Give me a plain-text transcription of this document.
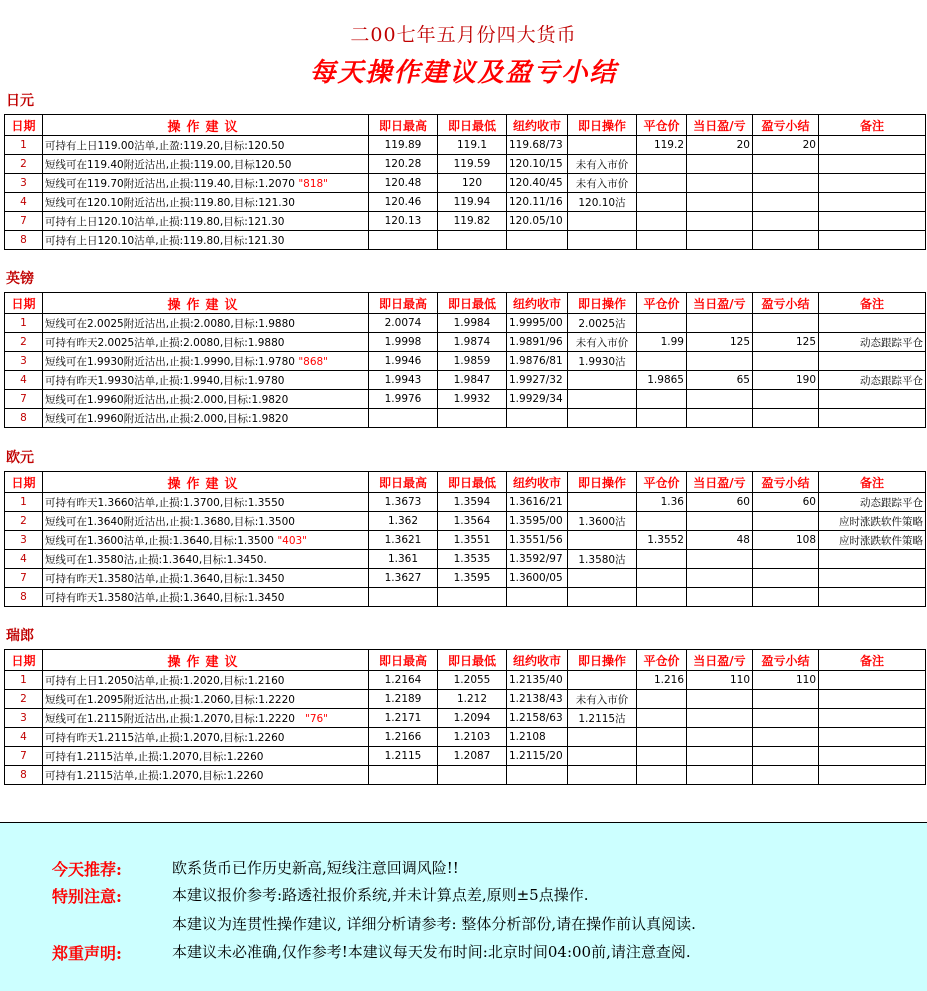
二00七年五月份四大货币
每天操作建议及盈亏小结
日元
日期	操作建议	即日最高	即日最低	纽约收市	即日操作	平仓价	当日盈/亏	盈亏小结	备注
1	可持有上日119.00沽单,止盈:119.20,目标:120.50	119.89	119.1	119.68/73		119.2	20	20	
2	短线可在119.40附近沽出,止损:119.00,目标120.50	120.28	119.59	120.10/15	未有入市价				
3	短线可在119.70附近沽出,止损:119.40,目标:1.2070 "818"	120.48	120	120.40/45	未有入市价				
4	短线可在120.10附近沽出,止损:119.80,目标:121.30	120.46	119.94	120.11/16	120.10沽				
7	可持有上日120.10沽单,止损:119.80,目标:121.30	120.13	119.82	120.05/10					
8	可持有上日120.10沽单,止损:119.80,目标:121.30								
英镑
日期	操作建议	即日最高	即日最低	纽约收市	即日操作	平仓价	当日盈/亏	盈亏小结	备注
1	短线可在2.0025附近沽出,止损:2.0080,目标:1.9880	2.0074	1.9984	1.9995/00	2.0025沽				
2	可持有昨天2.0025沽单,止损:2.0080,目标:1.9880	1.9998	1.9874	1.9891/96	未有入市价	1.99	125	125	动态跟踪平仓
3	短线可在1.9930附近沽出,止损:1.9990,目标:1.9780 "868"	1.9946	1.9859	1.9876/81	1.9930沽				
4	可持有昨天1.9930沽单,止损:1.9940,目标:1.9780	1.9943	1.9847	1.9927/32		1.9865	65	190	动态跟踪平仓
7	短线可在1.9960附近沽出,止损:2.000,目标:1.9820	1.9976	1.9932	1.9929/34					
8	短线可在1.9960附近沽出,止损:2.000,目标:1.9820								
欧元
日期	操作建议	即日最高	即日最低	纽约收市	即日操作	平仓价	当日盈/亏	盈亏小结	备注
1	可持有昨天1.3660沽单,止损:1.3700,目标:1.3550	1.3673	1.3594	1.3616/21		1.36	60	60	动态跟踪平仓
2	短线可在1.3640附近沽出,止损:1.3680,目标:1.3500	1.362	1.3564	1.3595/00	1.3600沽				应时涨跌软件策略
3	短线可在1.3600沽单,止损:1.3640,目标:1.3500 "403"	1.3621	1.3551	1.3551/56		1.3552	48	108	应时涨跌软件策略
4	短线可在1.3580沽,止损:1.3640,目标:1.3450.	1.361	1.3535	1.3592/97	1.3580沽				
7	可持有昨天1.3580沽单,止损:1.3640,目标:1.3450	1.3627	1.3595	1.3600/05					
8	可持有昨天1.3580沽单,止损:1.3640,目标:1.3450								
瑞郎
日期	操作建议	即日最高	即日最低	纽约收市	即日操作	平仓价	当日盈/亏	盈亏小结	备注
1	可持有上日1.2050沽单,止损:1.2020,目标:1.2160	1.2164	1.2055	1.2135/40		1.216	110	110	
2	短线可在1.2095附近沽出,止损:1.2060,目标:1.2220	1.2189	1.212	1.2138/43	未有入市价				
3	短线可在1.2115附近沽出,止损:1.2070,目标:1.2220   "76"	1.2171	1.2094	1.2158/63	1.2115沽				
4	可持有昨天1.2115沽单,止损:1.2070,目标:1.2260	1.2166	1.2103	1.2108					
7	可持有1.2115沽单,止损:1.2070,目标:1.2260	1.2115	1.2087	1.2115/20					
8	可持有1.2115沽单,止损:1.2070,目标:1.2260								
今天推荐:	欧系货币已作历史新高,短线注意回调风险!!
特别注意:	本建议报价参考:路透社报价系统,并未计算点差,原则±5点操作.
本建议为连贯性操作建议, 详细分析请参考: 整体分析部份,请在操作前认真阅读.
郑重声明:	本建议未必准确,仅作参考!本建议每天发布时间:北京时间04:00前,请注意查阅.
